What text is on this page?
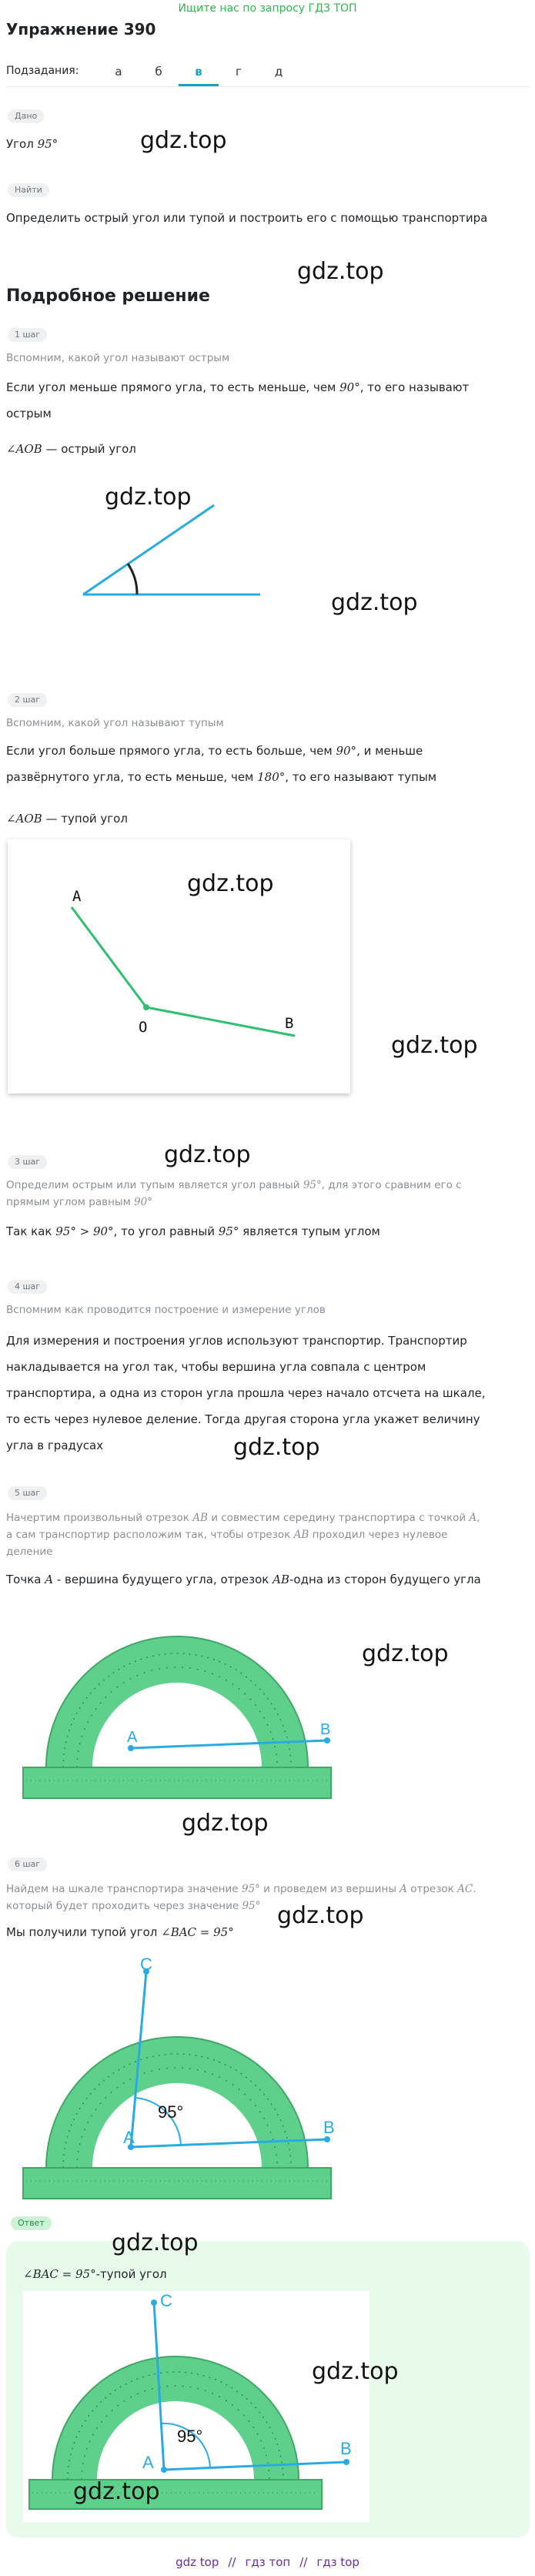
Ищите нас по запросу ГДЗ ТОП
Упражнение 390
Подзадания:	а	б	в	г	д
Дано
Угол 95°	gdz.top
Найти
Определить острый угол или тупой и построить его с помощью транспортира
gdz.top
Подробное решение
1 шаг
Вспомним, какой угол называют острым
Если угол меньше прямого угла, то есть меньше, чем 90°, то его называют
острым
∠AOB — острый угол
gdz.top
gdz.top
2 шаг
Вспомним, какой угол называют тупым
Если угол больше прямого угла, то есть больше, чем 90°, и меньше
развёрнутого угла, то есть меньше, чем 180°, то его называют тупым
∠AOB — тупой угол
A
O	B
gdz.top
gdz.top
gdz.top
3 шаг
Определим острым или тупым является угол равный 95°, для этого сравним его с
прямым углом равным 90°
Так как 95° > 90°, то угол равный 95° является тупым углом
4 шаг
Вспомним как проводится построение и измерение углов
Для измерения и построения углов используют транспортир. Транспортир
накладывается на угол так, чтобы вершина угла совпала с центром
транспортира, а одна из сторон угла прошла через начало отсчета на шкале,
то есть через нулевое деление. Тогда другая сторона угла укажет величину
угла в градусах	gdz.top
5 шаг
Начертим произвольный отрезок AB и совместим середину транспортира с точкой A,
а сам транспортир расположим так, чтобы отрезок AB проходил через нулевое
деление
Точка A - вершина будущего угла, отрезок AB-одна из сторон будущего угла
A	B
gdz.top
gdz.top
6 шаг
Найдем на шкале транспортира значение 95° и проведем из вершины A отрезок AC.
который будет проходить через значение 95°
Мы получили тупой угол ∠BAC = 95°
gdz.top
A
B
C
95°
Ответ
gdz.top
∠BAC = 95°-тупой угол
A
B
C
95°
gdz.top
gdz.top
gdz top // гдз топ // гдз top
